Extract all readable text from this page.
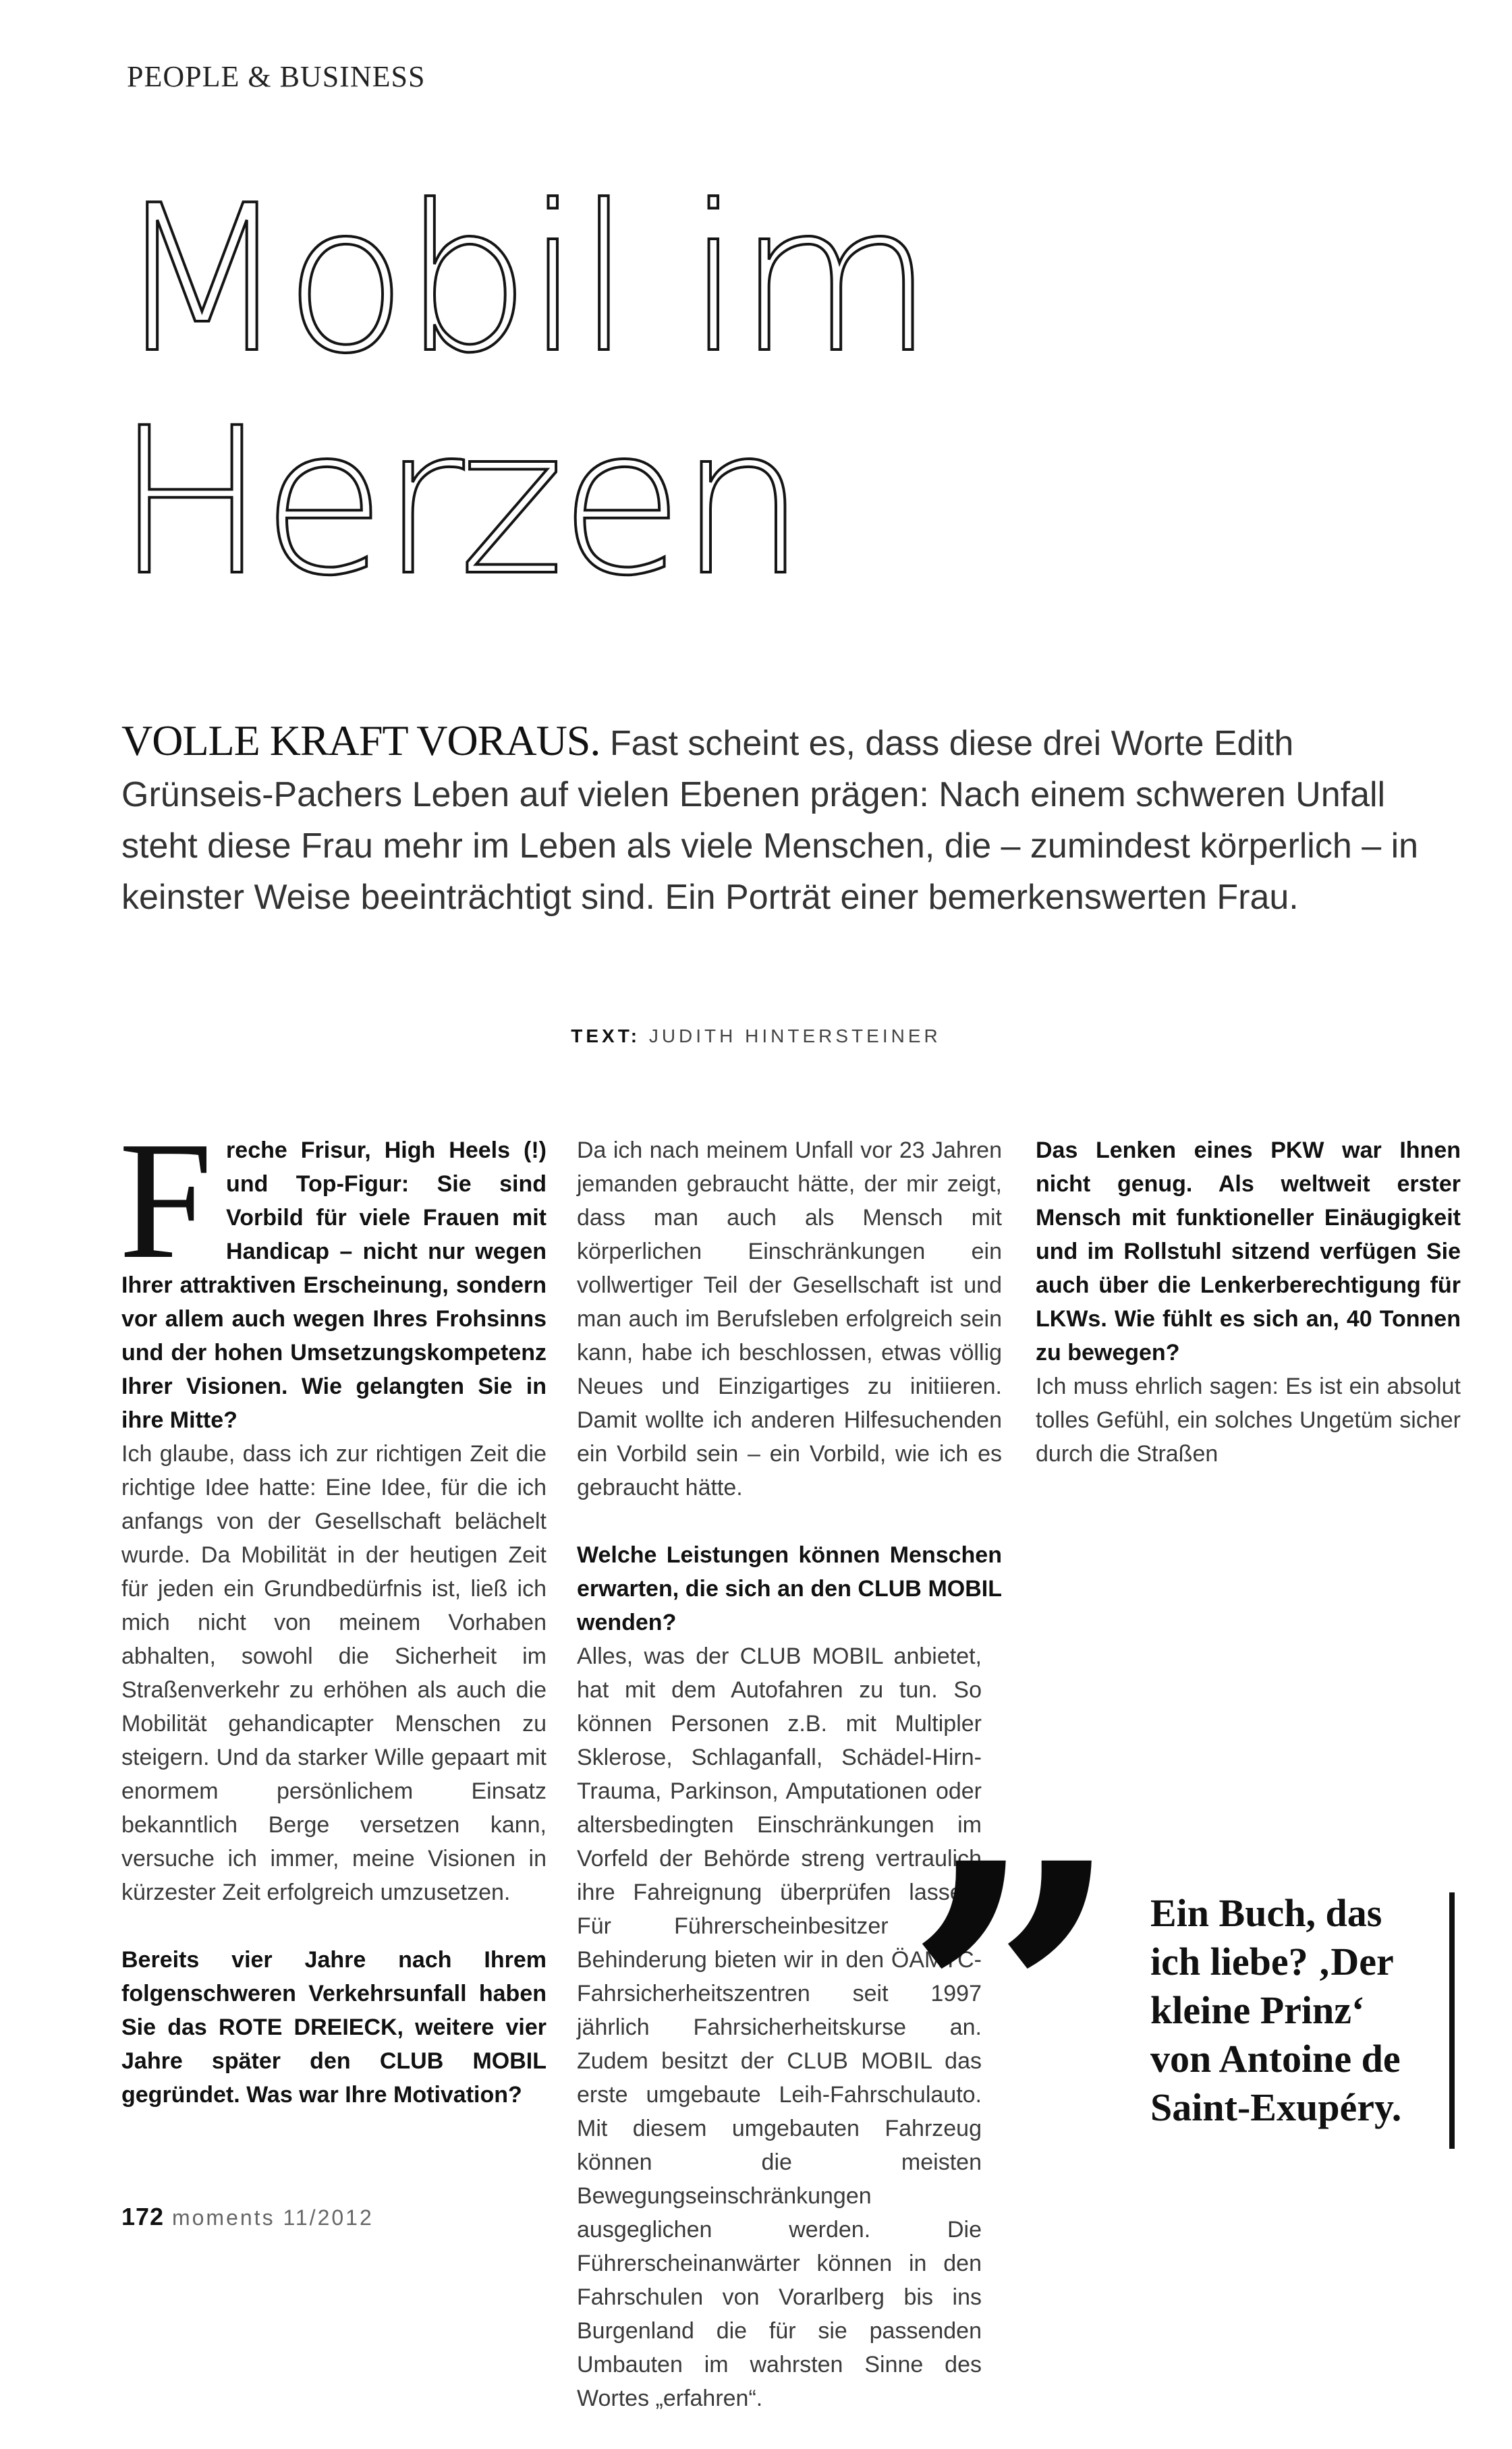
PEOPLE & BUSINESS
Mobil im
Herzen

VOLLE KRAFT VORAUS. Fast scheint es, dass diese drei Worte Edith Grünseis-Pachers Leben auf vielen Ebenen prägen: Nach einem schweren Unfall steht diese Frau mehr im Leben als viele Menschen, die – zumindest körperlich – in keinster Weise beeinträchtigt sind. Ein Porträt einer bemerkenswerten Frau.

TEXT: JUDITH HINTERSTEINER
F reche Frisur, High Heels (!) und Top-Figur: Sie sind Vorbild für viele Frauen mit Handicap – nicht nur wegen Ihrer attraktiven Erscheinung, sondern vor allem auch wegen Ihres Frohsinns und der hohen Umsetzungskompetenz Ihrer Visionen. Wie gelangten Sie in ihre Mitte?

Ich glaube, dass ich zur richtigen Zeit die richtige Idee hatte: Eine Idee, für die ich anfangs von der Gesellschaft belächelt wurde. Da Mobilität in der heutigen Zeit für jeden ein Grundbedürfnis ist, ließ ich mich nicht von meinem Vorhaben abhalten, sowohl die Sicherheit im Straßenverkehr zu erhöhen als auch die Mobilität gehandicapter Menschen zu steigern. Und da starker Wille gepaart mit enormem persönlichem Einsatz bekanntlich Berge versetzen kann, versuche ich immer, meine Visionen in kürzester Zeit erfolgreich umzusetzen.

Bereits vier Jahre nach Ihrem folgenschweren Verkehrsunfall haben Sie das ROTE DREIECK, weitere vier Jahre später den CLUB MOBIL gegründet. Was war Ihre Motivation?

Da ich nach meinem Unfall vor 23 Jahren jemanden gebraucht hätte, der mir zeigt, dass man auch als Mensch mit körperlichen Einschränkungen ein vollwertiger Teil der Gesellschaft ist und man auch im Berufsleben erfolgreich sein kann, habe ich beschlossen, etwas völlig Neues und Einzigartiges zu initiieren. Damit wollte ich anderen Hilfesuchenden ein Vorbild sein – ein Vorbild, wie ich es gebraucht hätte.

Welche Leistungen können Menschen erwarten, die sich an den CLUB MOBIL wenden?

Alles, was der CLUB MOBIL anbietet, hat mit dem Autofahren zu tun. So können Personen z.B. mit Multipler Sklerose, Schlaganfall, Schädel-Hirn-Trauma, Parkinson, Amputationen oder altersbedingten Einschränkungen im Vorfeld der Behörde streng vertraulich ihre Fahreignung überprüfen lassen. Für Führerscheinbesitzer mit Behinderung bieten wir in den ÖAMTC-Fahrsicherheitszentren seit 1997 jährlich Fahrsicherheitskurse an. Zudem besitzt der CLUB MOBIL das erste umgebaute Leih-Fahrschulauto. Mit diesem umgebauten Fahrzeug können die meisten Bewegungseinschränkungen ausgeglichen werden. Die Führerscheinanwärter können in den Fahrschulen von Vorarlberg bis ins Burgenland die für sie passenden Umbauten im wahrsten Sinne des Wortes „erfahren“.

Das Lenken eines PKW war Ihnen nicht genug. Als weltweit erster Mensch mit funktioneller Einäugigkeit und im Rollstuhl sitzend verfügen Sie auch über die Lenkerberechtigung für LKWs. Wie fühlt es sich an, 40 Tonnen zu bewegen?

Ich muss ehrlich sagen: Es ist ein absolut tolles Gefühl, ein solches Ungetüm sicher durch die Straßen

” Ein Buch, das ich liebe? ‚Der kleine Prinz‘ von Antoine de Saint-Exupéry.

172 moments 11/2012
